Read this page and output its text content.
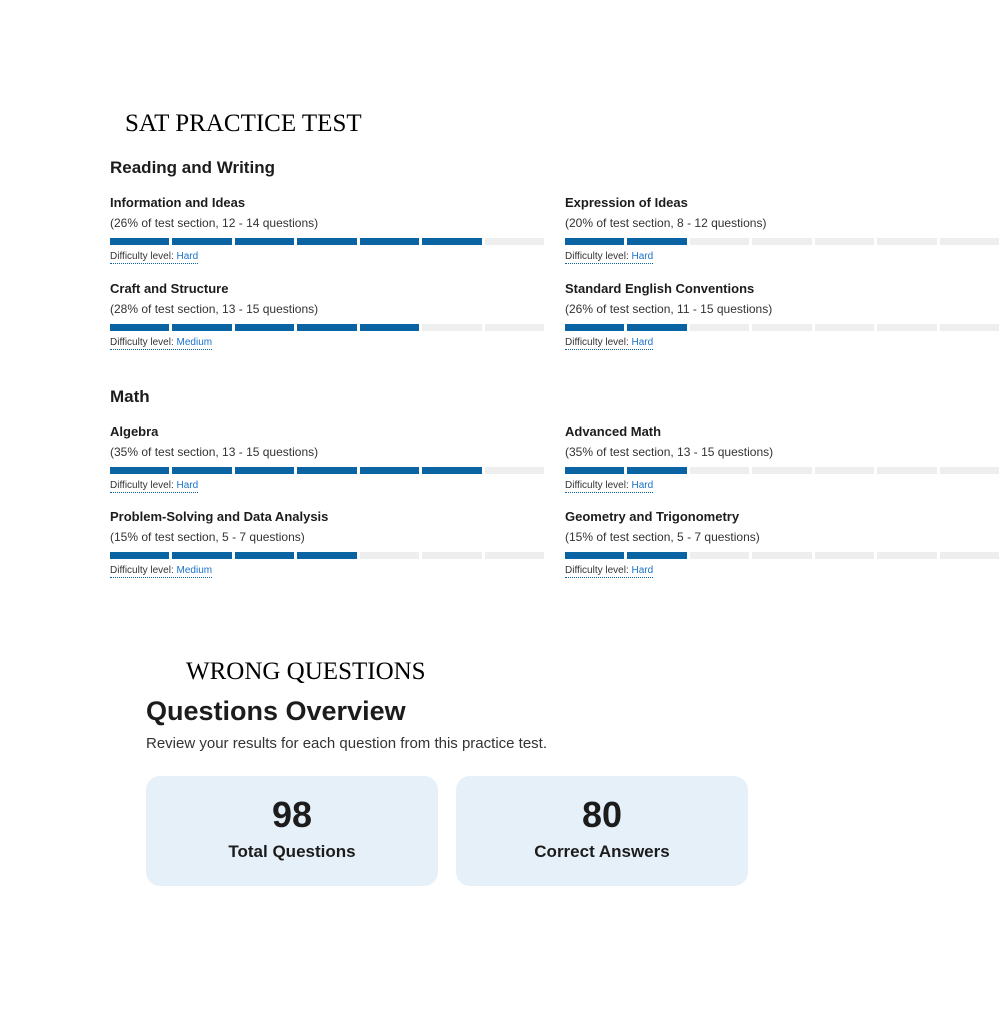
SAT PRACTICE TEST
Reading and Writing
Math
Information and Ideas
(26% of test section, 12 - 14 questions)
Difficulty level: Hard
Expression of Ideas
(20% of test section, 8 - 12 questions)
Difficulty level: Hard
Craft and Structure
(28% of test section, 13 - 15 questions)
Difficulty level: Medium
Standard English Conventions
(26% of test section, 11 - 15 questions)
Difficulty level: Hard
Algebra
(35% of test section, 13 - 15 questions)
Difficulty level: Hard
Advanced Math
(35% of test section, 13 - 15 questions)
Difficulty level: Hard
Problem-Solving and Data Analysis
(15% of test section, 5 - 7 questions)
Difficulty level: Medium
Geometry and Trigonometry
(15% of test section, 5 - 7 questions)
Difficulty level: Hard
WRONG QUESTIONS
Questions Overview
Review your results for each question from this practice test.
98
Total Questions
80
Correct Answers
